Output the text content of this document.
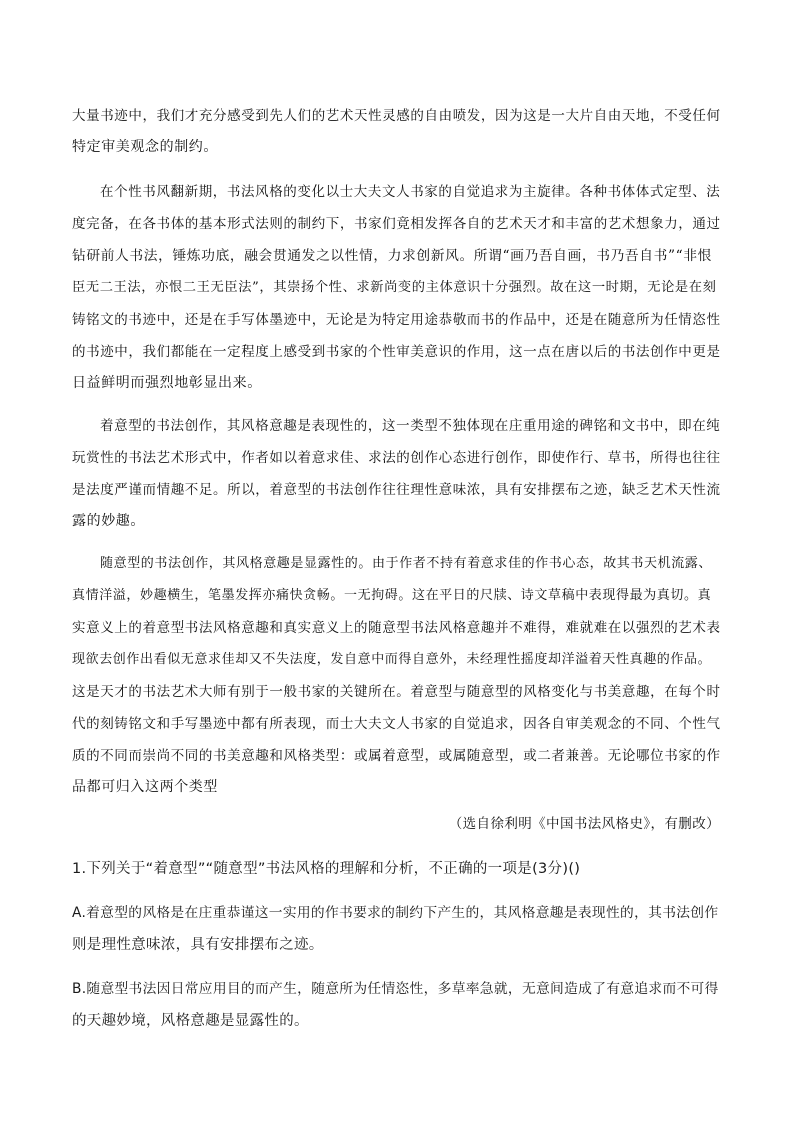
大量书迹中，我们才充分感受到先人们的艺术天性灵感的自由喷发，因为这是一大片自由天地，不受任何
特定审美观念的制约。
在个性书风翻新期，书法风格的变化以士大夫文人书家的自觉追求为主旋律。各种书体体式定型、法
度完备，在各书体的基本形式法则的制约下，书家们竟相发挥各自的艺术天才和丰富的艺术想象力，通过
钻研前人书法，锤炼功底，融会贯通发之以性情，力求创新风。所谓“画乃吾自画，书乃吾自书”“非恨
臣无二王法，亦恨二王无臣法”，其崇扬个性、求新尚变的主体意识十分强烈。故在这一时期，无论是在刻
铸铭文的书迹中，还是在手写体墨迹中，无论是为特定用途恭敬而书的作品中，还是在随意所为任情恣性
的书迹中，我们都能在一定程度上感受到书家的个性审美意识的作用，这一点在唐以后的书法创作中更是
日益鲜明而强烈地彰显出来。
着意型的书法创作，其风格意趣是表现性的，这一类型不独体现在庄重用途的碑铭和文书中，即在纯
玩赏性的书法艺术形式中，作者如以着意求佳、求法的创作心态进行创作，即使作行、草书，所得也往往
是法度严谨而情趣不足。所以，着意型的书法创作往往理性意味浓，具有安排摆布之迹，缺乏艺术天性流
露的妙趣。
随意型的书法创作，其风格意趣是显露性的。由于作者不持有着意求佳的作书心态，故其书天机流露、
真情洋溢，妙趣横生，笔墨发挥亦痛快贪畅。一无拘碍。这在平日的尺牍、诗文草稿中表现得最为真切。真
实意义上的着意型书法风格意趣和真实意义上的随意型书法风格意趣并不难得，难就难在以强烈的艺术表
现欲去创作出看似无意求佳却又不失法度，发自意中而得自意外，未经理性摇度却洋溢着天性真趣的作品。
这是天才的书法艺术大师有别于一般书家的关键所在。着意型与随意型的风格变化与书美意趣，在每个时
代的刻铸铭文和手写墨迹中都有所表现，而士大夫文人书家的自觉追求，因各自审美观念的不同、个性气
质的不同而崇尚不同的书美意趣和风格类型：或属着意型，或属随意型，或二者兼善。无论哪位书家的作
品都可归入这两个类型
（选自徐利明《中国书法风格史》，有删改）
1.下列关于“着意型”“随意型”书法风格的理解和分析，不正确的一项是(3分)()
A.着意型的风格是在庄重恭谨这一实用的作书要求的制约下产生的，其风格意趣是表现性的，其书法创作
则是理性意味浓，具有安排摆布之迹。
B.随意型书法因日常应用目的而产生，随意所为任情恣性，多草率急就，无意间造成了有意追求而不可得
的天趣妙境，风格意趣是显露性的。
